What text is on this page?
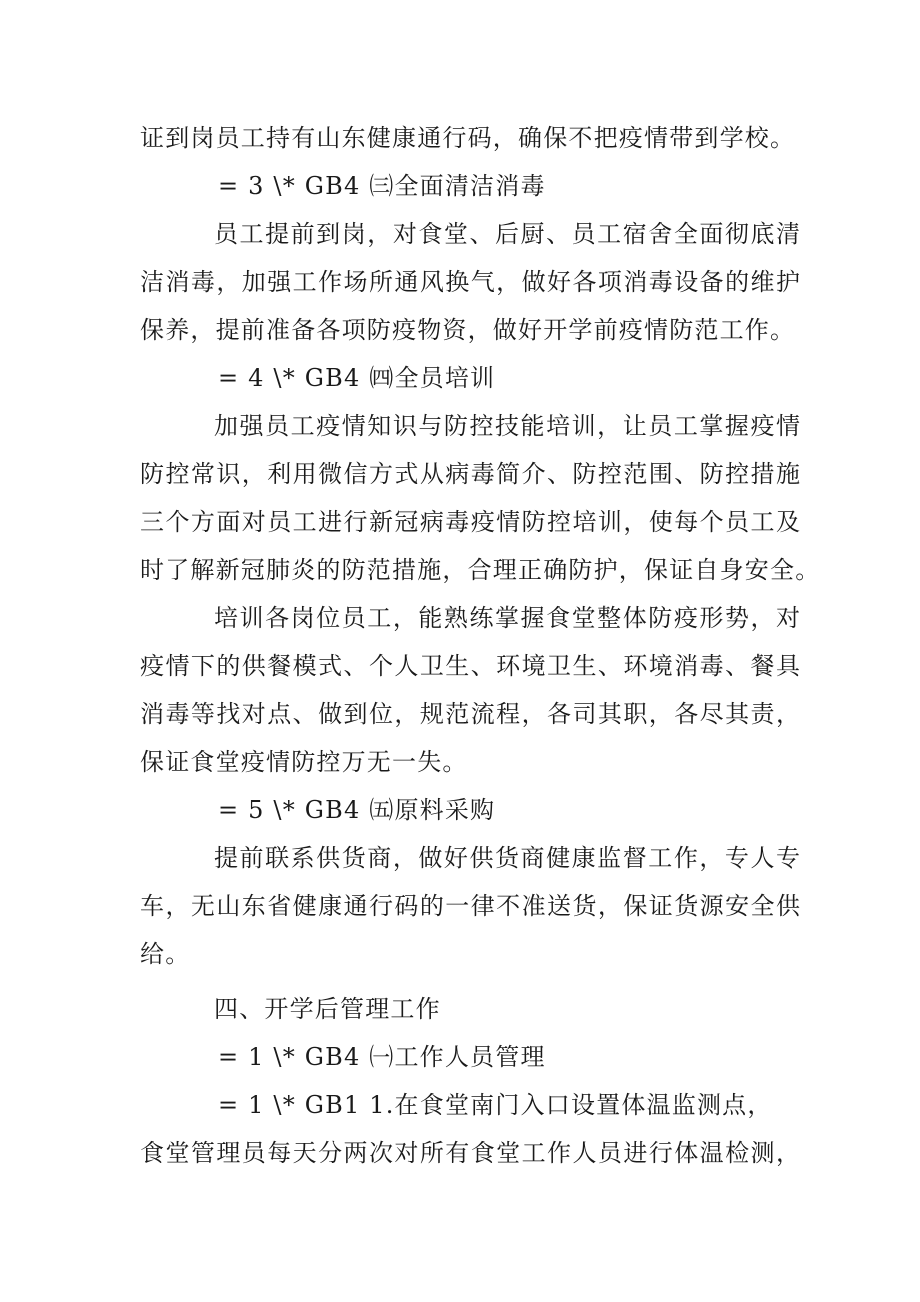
证到岗员工持有山东健康通行码，确保不把疫情带到学校。
= 3 \* GB4 ㈢全面清洁消毒
员工提前到岗，对食堂、后厨、员工宿舍全面彻底清
洁消毒，加强工作场所通风换气，做好各项消毒设备的维护
保养，提前准备各项防疫物资，做好开学前疫情防范工作。
= 4 \* GB4 ㈣全员培训
加强员工疫情知识与防控技能培训，让员工掌握疫情
防控常识，利用微信方式从病毒简介、防控范围、防控措施
三个方面对员工进行新冠病毒疫情防控培训，使每个员工及
时了解新冠肺炎的防范措施，合理正确防护，保证自身安全。
培训各岗位员工，能熟练掌握食堂整体防疫形势，对
疫情下的供餐模式、个人卫生、环境卫生、环境消毒、餐具
消毒等找对点、做到位，规范流程，各司其职，各尽其责，
保证食堂疫情防控万无一失。
= 5 \* GB4 ㈤原料采购
提前联系供货商，做好供货商健康监督工作，专人专
车，无山东省健康通行码的一律不准送货，保证货源安全供
给。
四、开学后管理工作
= 1 \* GB4 ㈠工作人员管理
= 1 \* GB1 1.在食堂南门入口设置体温监测点，
食堂管理员每天分两次对所有食堂工作人员进行体温检测，
